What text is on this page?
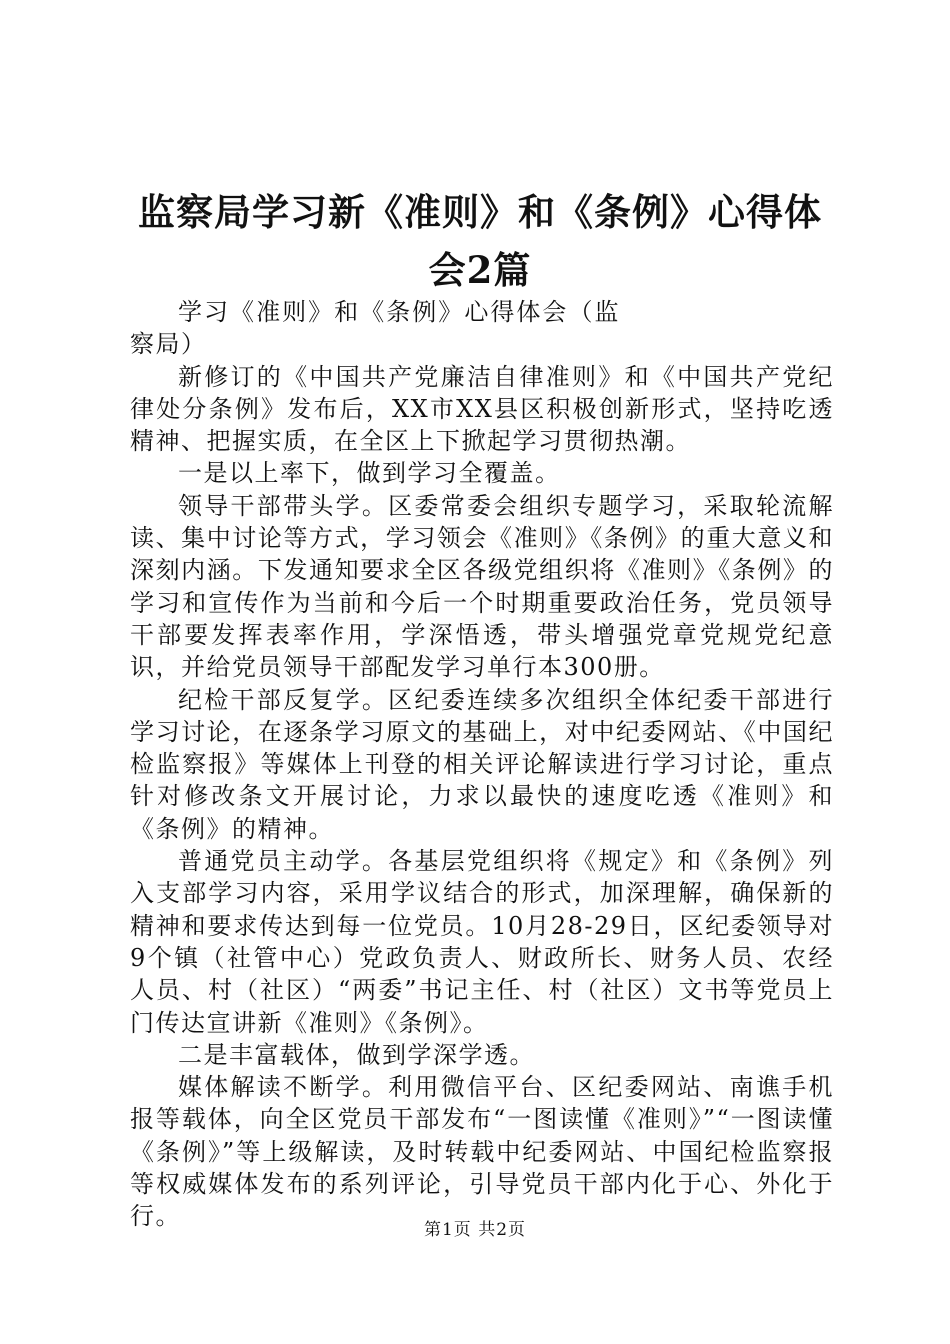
监察局学习新《准则》和《条例》心得体会2篇

学习《准则》和《条例》心得体会（监察局）

新修订的《中国共产党廉洁自律准则》和《中国共产党纪律处分条例》发布后，XX市XX县区积极创新形式，坚持吃透精神、把握实质，在全区上下掀起学习贯彻热潮。

一是以上率下，做到学习全覆盖。

领导干部带头学。区委常委会组织专题学习，采取轮流解读、集中讨论等方式，学习领会《准则》《条例》的重大意义和深刻内涵。下发通知要求全区各级党组织将《准则》《条例》的学习和宣传作为当前和今后一个时期重要政治任务，党员领导干部要发挥表率作用，学深悟透，带头增强党章党规党纪意识，并给党员领导干部配发学习单行本300册。

纪检干部反复学。区纪委连续多次组织全体纪委干部进行学习讨论，在逐条学习原文的基础上，对中纪委网站、《中国纪检监察报》等媒体上刊登的相关评论解读进行学习讨论，重点针对修改条文开展讨论，力求以最快的速度吃透《准则》和《条例》的精神。

普通党员主动学。各基层党组织将《规定》和《条例》列入支部学习内容，采用学议结合的形式，加深理解，确保新的精神和要求传达到每一位党员。10月28-29日，区纪委领导对9个镇（社管中心）党政负责人、财政所长、财务人员、农经人员、村（社区）“两委”书记主任、村（社区）文书等党员上门传达宣讲新《准则》《条例》。

二是丰富载体，做到学深学透。

媒体解读不断学。利用微信平台、区纪委网站、南谯手机报等载体，向全区党员干部发布“一图读懂《准则》”“一图读懂《条例》”等上级解读，及时转载中纪委网站、中国纪检监察报等权威媒体发布的系列评论，引导党员干部内化于心、外化于行。	第1页 共2页
